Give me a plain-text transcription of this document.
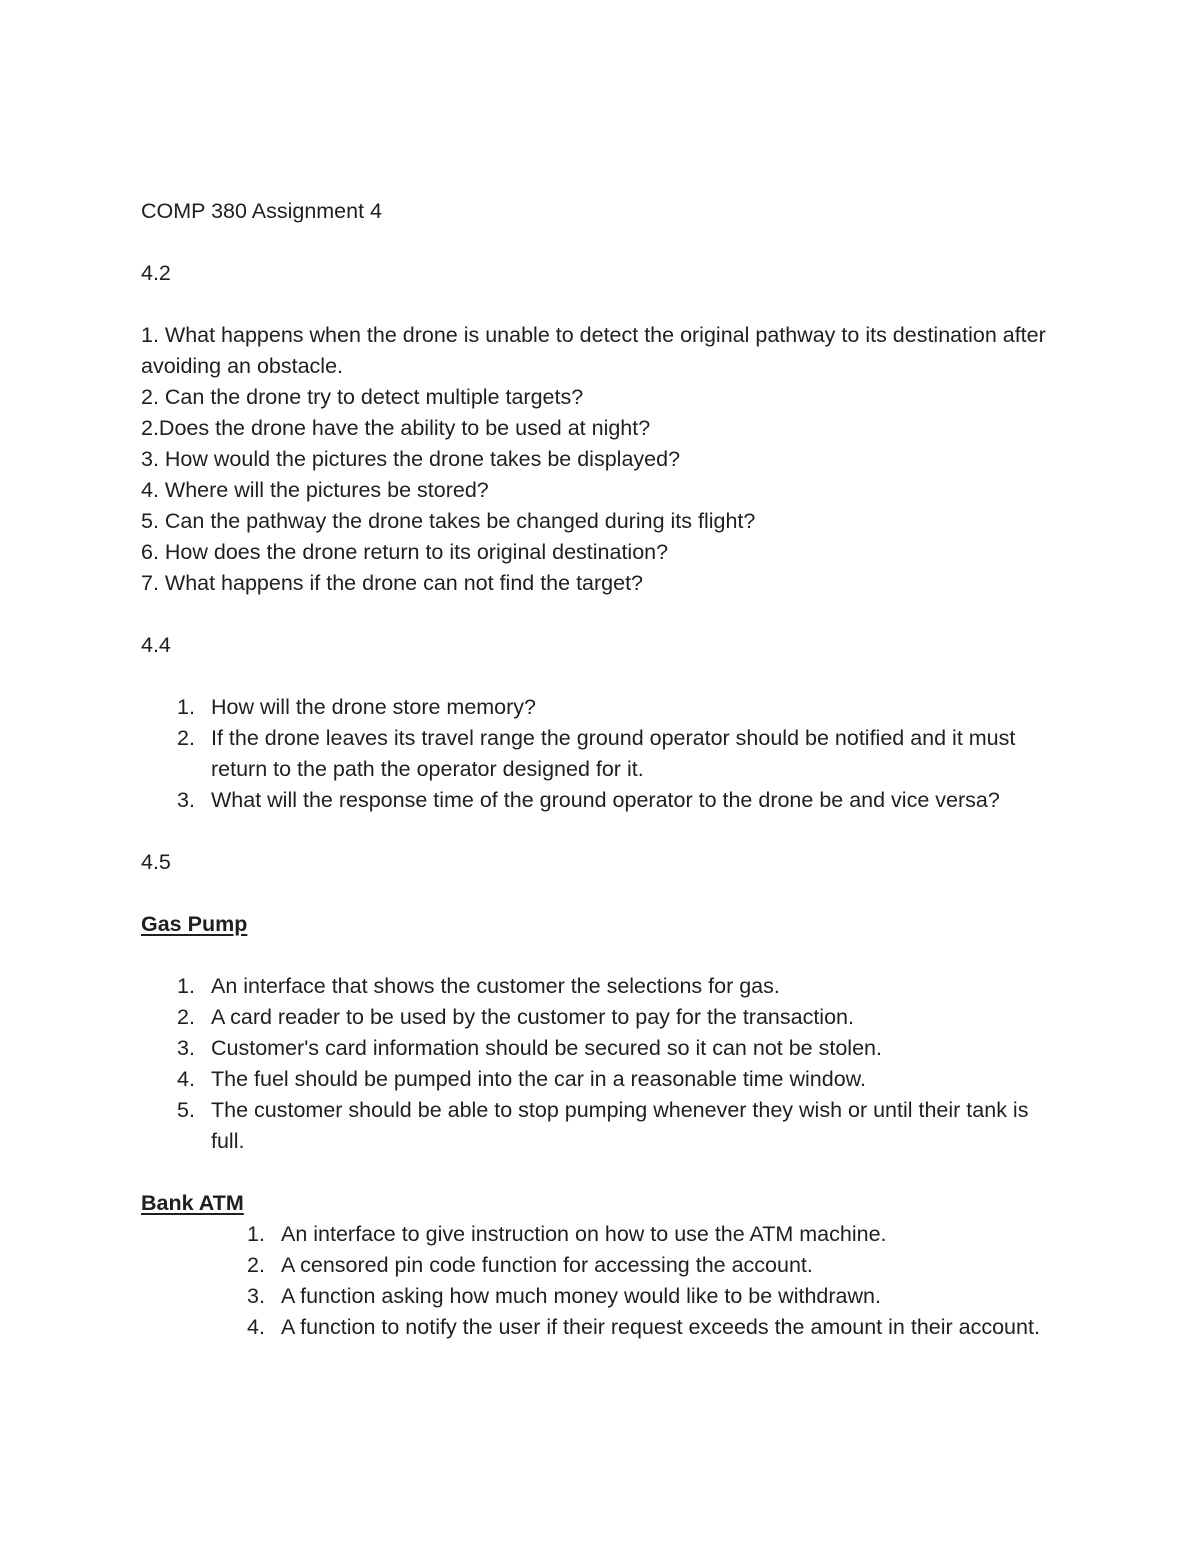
COMP 380 Assignment 4
4.2
1. What happens when the drone is unable to detect the original pathway to its destination after avoiding an obstacle.
2. Can the drone try to detect multiple targets?
2.Does the drone have the ability to be used at night?
3. How would the pictures the drone takes be displayed?
4. Where will the pictures be stored?
5. Can the pathway the drone takes be changed during its flight?
6. How does the drone return to its original destination?
7. What happens if the drone can not find the target?
4.4
1. How will the drone store memory?
2. If the drone leaves its travel range the ground operator should be notified and it must return to the path the operator designed for it.
3. What will the response time of the ground operator to the drone be and vice versa?
4.5
Gas Pump
1. An interface that shows the customer the selections for gas.
2. A card reader to be used by the customer to pay for the transaction.
3. Customer's card information should be secured so it can not be stolen.
4. The fuel should be pumped into the car in a reasonable time window.
5. The customer should be able to stop pumping whenever they wish or until their tank is full.
Bank ATM
1. An interface to give instruction on how to use the ATM machine.
2. A censored pin code function for accessing the account.
3. A function asking how much money would like to be withdrawn.
4. A function to notify the user if their request exceeds the amount in their account.
